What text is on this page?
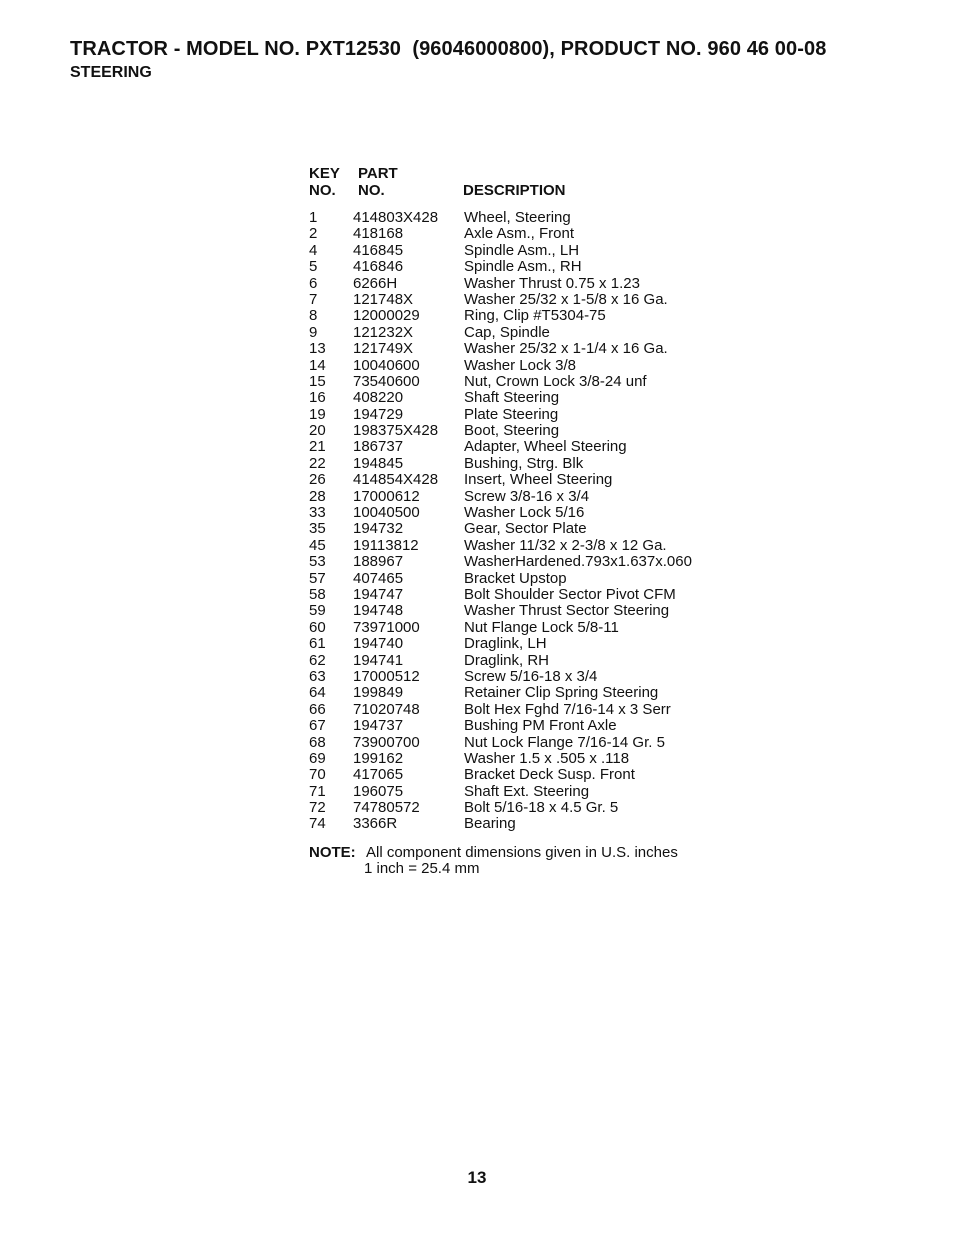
TRACTOR - MODEL NO. PXT12530  (96046000800), PRODUCT NO. 960 46 00-08
STEERING
KEY
NO.
PART
NO.	DESCRIPTION
1 414803X428 Wheel, Steering
2 418168	Axle Asm., Front
4 416845	Spindle Asm., LH
5 416846	Spindle Asm., RH
6 6266H	Washer Thrust 0.75 x 1.23
7 121748X	Washer 25/32 x 1-5/8 x 16 Ga.
8 12000029	Ring, Clip #T5304-75
9 121232X	Cap, Spindle
13 121749X	Washer 25/32 x 1-1/4 x 16 Ga.
14 10040600	Washer Lock 3/8
15 73540600	Nut, Crown Lock 3/8-24 unf
16 408220	Shaft Steering
19 194729	Plate Steering
20 198375X428 Boot, Steering
21 186737	Adapter, Wheel Steering
22 194845	Bushing, Strg. Blk
26 414854X428 Insert, Wheel Steering
28 17000612	Screw 3/8-16 x 3/4
33 10040500	Washer Lock 5/16
35 194732	Gear, Sector Plate
45 19113812	Washer 11/32 x 2-3/8 x 12 Ga.
53 188967	WasherHardened.793x1.637x.060
57 407465	Bracket Upstop
58 194747	Bolt Shoulder Sector Pivot CFM
59 194748	Washer Thrust Sector Steering
60 73971000	Nut Flange Lock 5/8-11
61 194740	Draglink, LH
62 194741	Draglink, RH
63 17000512	Screw 5/16-18 x 3/4
64 199849	Retainer Clip Spring Steering
66 71020748	Bolt Hex Fghd 7/16-14 x 3 Serr
67 194737	Bushing PM Front Axle
68 73900700	Nut Lock Flange 7/16-14 Gr. 5
69 199162	Washer 1.5 x .505 x .118
70 417065	Bracket Deck Susp. Front
71 196075	Shaft Ext. Steering
72 74780572	Bolt 5/16-18 x 4.5 Gr. 5
74 3366R	Bearing
NOTE: All component dimensions given in U.S. inches
1 inch = 25.4 mm
13
